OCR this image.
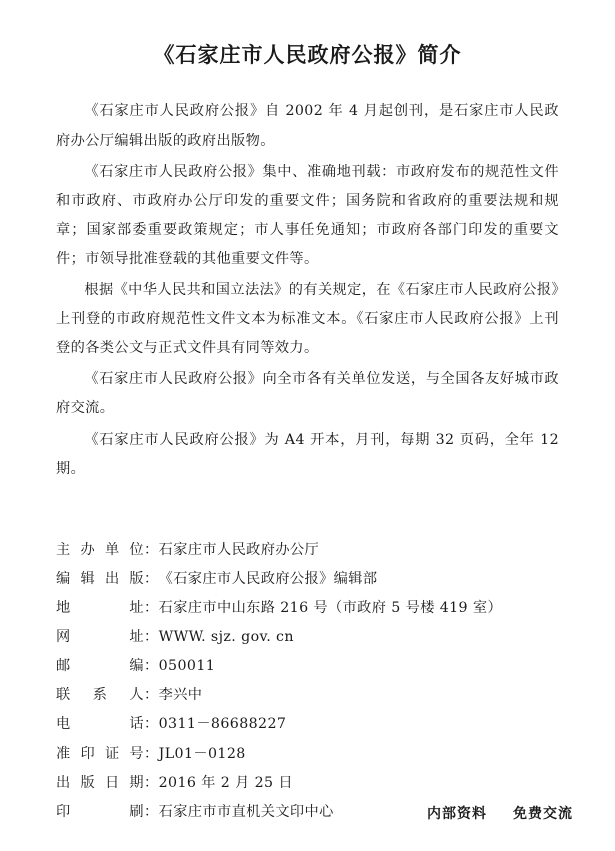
《石家庄市人民政府公报》简介

《石家庄市人民政府公报》自 2002 年 4 月起创刊，是石家庄市人民政府办公厅编辑出版的政府出版物。

《石家庄市人民政府公报》集中、准确地刊载：市政府发布的规范性文件和市政府、市政府办公厅印发的重要文件；国务院和省政府的重要法规和规章；国家部委重要政策规定；市人事任免通知；市政府各部门印发的重要文件；市领导批准登载的其他重要文件等。

根据《中华人民共和国立法法》的有关规定，在《石家庄市人民政府公报》上刊登的市政府规范性文件文本为标准文本。《石家庄市人民政府公报》上刊登的各类公文与正式文件具有同等效力。

《石家庄市人民政府公报》向全市各有关单位发送，与全国各友好城市政府交流。

《石家庄市人民政府公报》为 A4 开本，月刊，每期 32 页码，全年 12 期。

主办单位：石家庄市人民政府办公厅
编辑出版：《石家庄市人民政府公报》编辑部
地 址：石家庄市中山东路 216 号（市政府 5 号楼 419 室）
网 址：WWW. sjz. gov. cn
邮 编：050011
联 系 人：李兴中
电 话：0311－86688227
准印证号：JL01－0128
出版日期：2016 年 2 月 25 日
印 刷：石家庄市市直机关文印中心	内部资料 免费交流
